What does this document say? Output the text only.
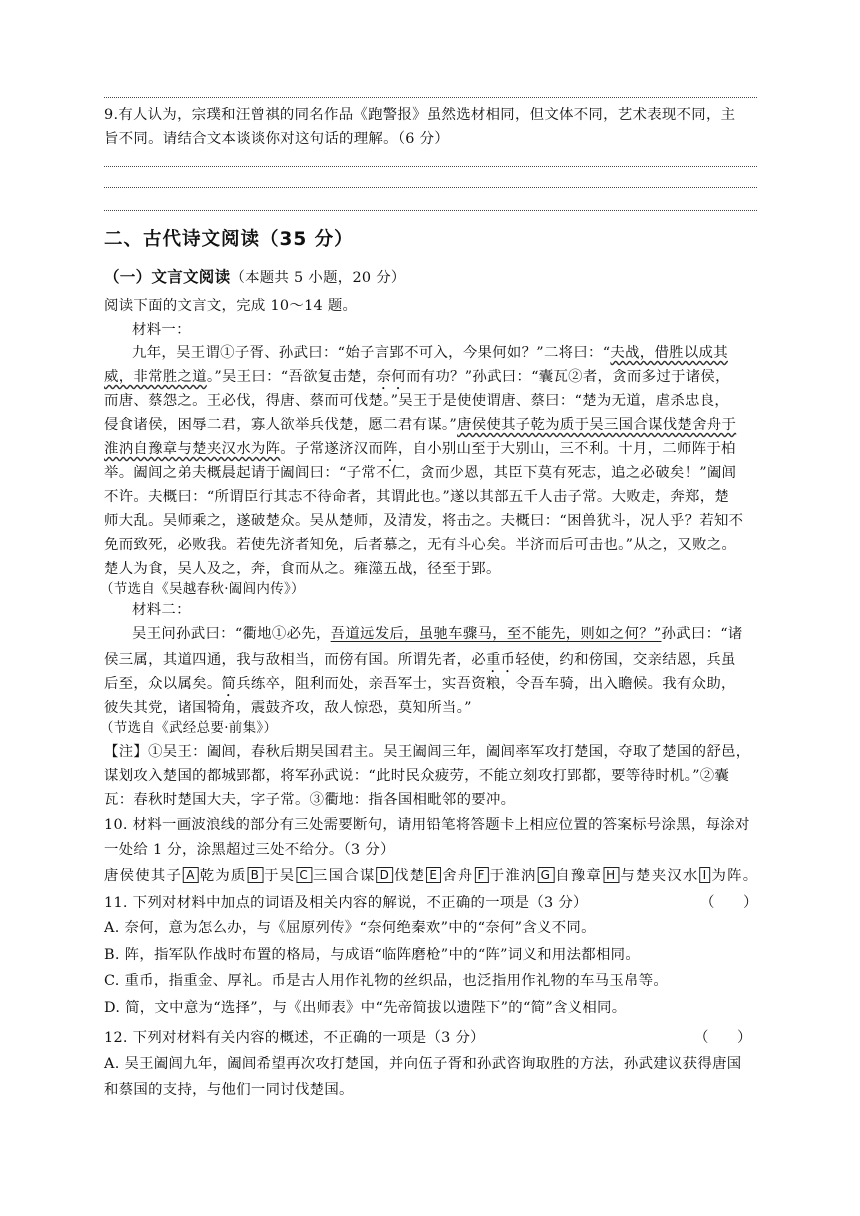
9.有人认为，宗璞和汪曾祺的同名作品《跑警报》虽然选材相同，但文体不同，艺术表现不同，主
旨不同。请结合文本谈谈你对这句话的理解。（6 分）
二、古代诗文阅读（35 分）
（一）文言文阅读（本题共 5 小题，20 分）
阅读下面的文言文，完成 10～14 题。
材料一：
九年，吴王谓①子胥、孙武曰：“始子言郢不可入，今果何如？”二将曰：“夫战，借胜以成其
威，非常胜之道。”吴王曰：“吾欲复击楚，奈何而有功？”孙武曰：“囊瓦②者，贪而多过于诸侯，
而唐、蔡怨之。王必伐，得唐、蔡而可伐楚。”吴王于是使使谓唐、蔡曰：“楚为无道，虐杀忠良，
侵食诸侯，困辱二君，寡人欲举兵伐楚，愿二君有谋。”唐侯使其子乾为质于吴三国合谋伐楚舍舟于
淮汭自豫章与楚夹汉水为阵。子常遂济汉而阵，自小别山至于大别山，三不利。十月，二师阵于柏
举。阖闾之弟夫概晨起请于阖闾曰：“子常不仁，贪而少恩，其臣下莫有死志，追之必破矣！”阖闾
不许。夫概曰：“所谓臣行其志不待命者，其谓此也。”遂以其部五千人击子常。大败走，奔郑，楚
师大乱。吴师乘之，遂破楚众。吴从楚师，及清发，将击之。夫概曰：“困兽犹斗，况人乎？若知不
免而致死，必败我。若使先济者知免，后者慕之，无有斗心矣。半济而后可击也。”从之，又败之。
楚人为食，吴人及之，奔，食而从之。雍澨五战，径至于郢。
（节选自《吴越春秋·阖闾内传》）
材料二：
吴王问孙武曰：“衢地①必先，吾道远发后，虽驰车骤马，至不能先，则如之何？”孙武曰：“诸
侯三属，其道四通，我与敌相当，而傍有国。所谓先者，必重币轻使，约和傍国，交亲结恩，兵虽
后至，众以属矣。简兵练卒，阻利而处，亲吾军士，实吾资粮，令吾车骑，出入瞻候。我有众助，
彼失其党，诸国犄角，震鼓齐攻，敌人惊恐，莫知所当。”
（节选自《武经总要·前集》）
【注】①吴王：阖闾，春秋后期吴国君主。吴王阖闾三年，阖闾率军攻打楚国，夺取了楚国的舒邑，
谋划攻入楚国的都城郢都，将军孙武说：“此时民众疲劳，不能立刻攻打郢都，要等待时机。”②囊
瓦：春秋时楚国大夫，字子常。③衢地：指各国相毗邻的要冲。
10. 材料一画波浪线的部分有三处需要断句，请用铅笔将答题卡上相应位置的答案标号涂黑，每涂对
一处给 1 分，涂黑超过三处不给分。（3 分）
唐侯使其子 A 乾为质 B 于吴 C 三国合谋 D 伐楚 E 舍舟 F 于淮汭 G 自豫章 H 与楚夹汉水 I 为阵。
11. 下列对材料中加点的词语及相关内容的解说，不正确的一项是（3 分）	（　　）
A. 奈何，意为怎么办，与《屈原列传》“奈何绝秦欢”中的“奈何”含义不同。
B. 阵，指军队作战时布置的格局，与成语“临阵磨枪”中的“阵”词义和用法都相同。
C. 重币，指重金、厚礼。币是古人用作礼物的丝织品，也泛指用作礼物的车马玉帛等。
D. 简，文中意为“选择”，与《出师表》中“先帝简拔以遗陛下”的“简”含义相同。
12. 下列对材料有关内容的概述，不正确的一项是（3 分）	（　　）
A. 吴王阖闾九年，阖闾希望再次攻打楚国，并向伍子胥和孙武咨询取胜的方法，孙武建议获得唐国
和蔡国的支持，与他们一同讨伐楚国。
